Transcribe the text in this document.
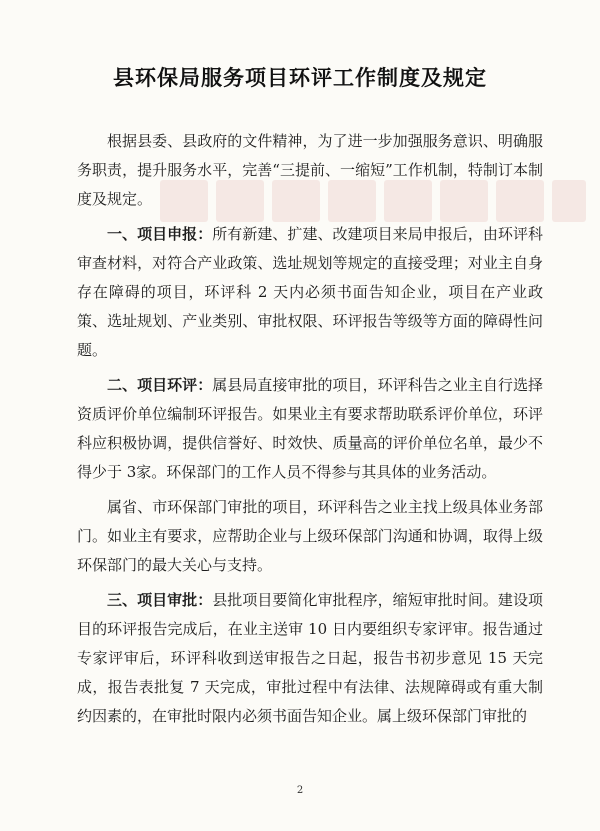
县环保局服务项目环评工作制度及规定

根据县委、县政府的文件精神，为了进一步加强服务意识、明确服务职责，提升服务水平，完善“三提前、一缩短”工作机制，特制订本制度及规定。

一、项目申报：所有新建、扩建、改建项目来局申报后，由环评科审查材料，对符合产业政策、选址规划等规定的直接受理；对业主自身存在障碍的项目，环评科 2 天内必须书面告知企业，项目在产业政策、选址规划、产业类别、审批权限、环评报告等级等方面的障碍性问题。

二、项目环评：属县局直接审批的项目，环评科告之业主自行选择资质评价单位编制环评报告。如果业主有要求帮助联系评价单位，环评科应积极协调，提供信誉好、时效快、质量高的评价单位名单，最少不得少于 3家。环保部门的工作人员不得参与其具体的业务活动。

属省、市环保部门审批的项目，环评科告之业主找上级具体业务部门。如业主有要求，应帮助企业与上级环保部门沟通和协调，取得上级环保部门的最大关心与支持。

三、项目审批：县批项目要简化审批程序，缩短审批时间。建设项目的环评报告完成后，在业主送审 10 日内要组织专家评审。报告通过专家评审后，环评科收到送审报告之日起，报告书初步意见 15 天完成，报告表批复 7 天完成，审批过程中有法律、法规障碍或有重大制约因素的，在审批时限内必须书面告知企业。属上级环保部门审批的

2
